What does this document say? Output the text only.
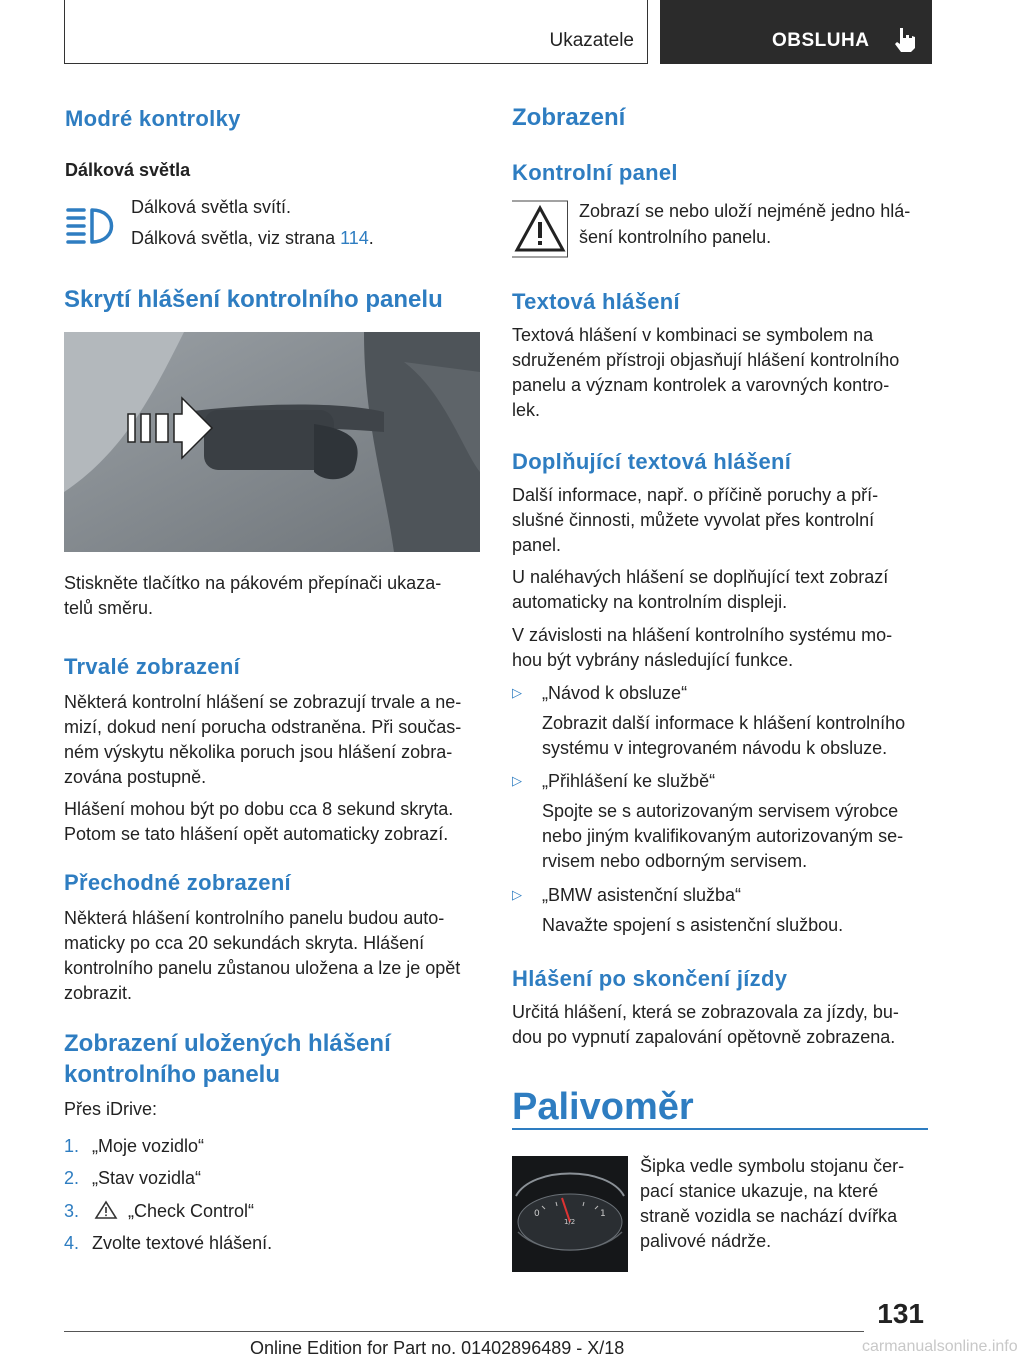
Ukazatele	OBSLUHA
Modré kontrolky
Dálková světla
Dálková světla svítí.
Dálková světla, viz strana 114.
Skrytí hlášení kontrolního panelu
Stiskněte tlačítko na pákovém přepínači ukaza‐
telů směru.
Trvalé zobrazení
Některá kontrolní hlášení se zobrazují trvale a ne‐
mizí, dokud není porucha odstraněna. Při součas‐
ném výskytu několika poruch jsou hlášení zobra‐
zována postupně.
Hlášení mohou být po dobu cca 8 sekund skryta.
Potom se tato hlášení opět automaticky zobrazí.
Přechodné zobrazení
Některá hlášení kontrolního panelu budou auto‐
maticky po cca 20 sekundách skryta. Hlášení
kontrolního panelu zůstanou uložena a lze je opět
zobrazit.
Zobrazení uložených hlášení
kontrolního panelu
Přes iDrive:
1. „Moje vozidlo“
2. „Stav vozidla“
3.	„Check Control“
4. Zvolte textové hlášení.
Zobrazení
Kontrolní panel
Zobrazí se nebo uloží nejméně jedno hlá‐
šení kontrolního panelu.
Textová hlášení
Textová hlášení v kombinaci se symbolem na
sdruženém přístroji objasňují hlášení kontrolního
panelu a význam kontrolek a varovných kontro‐
lek.
Doplňující textová hlášení
Další informace, např. o příčině poruchy a pří‐
slušné činnosti, můžete vyvolat přes kontrolní
panel.
U naléhavých hlášení se doplňující text zobrazí
automaticky na kontrolním displeji.
V závislosti na hlášení kontrolního systému mo‐
hou být vybrány následující funkce.
▷ „Návod k obsluze“
Zobrazit další informace k hlášení kontrolního
systému v integrovaném návodu k obsluze.
▷ „Přihlášení ke službě“
Spojte se s autorizovaným servisem výrobce
nebo jiným kvalifikovaným autorizovaným se‐
rvisem nebo odborným servisem.
▷ „BMW asistenční služba“
Navažte spojení s asistenční službou.
Hlášení po skončení jízdy
Určitá hlášení, která se zobrazovala za jízdy, bu‐
dou po vypnutí zapalování opětovně zobrazena.
Palivoměr
0
1/2
1
Šipka vedle symbolu stojanu čer‐
pací stanice ukazuje, na které
straně vozidla se nachází dvířka
palivové nádrže.
131
Online Edition for Part no. 01402896489 - X/18	carmanualsonline.info
